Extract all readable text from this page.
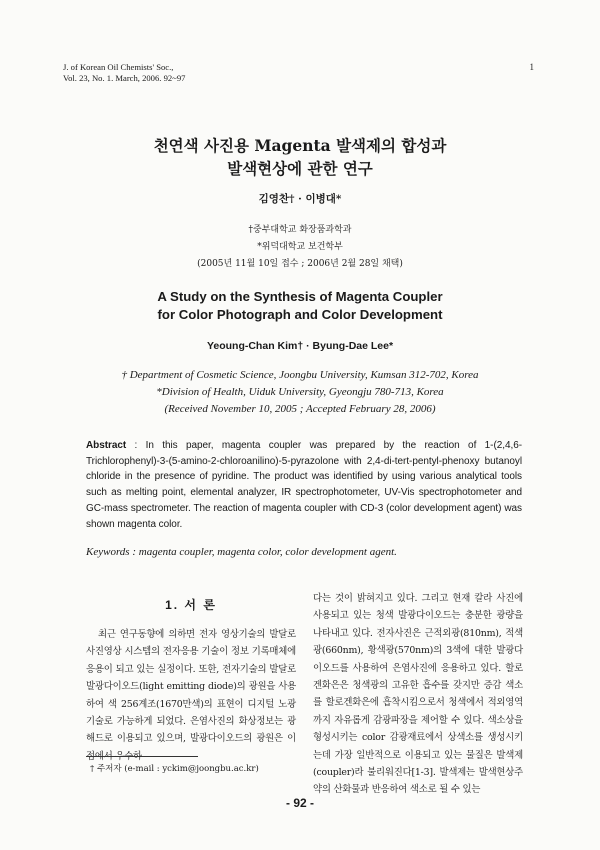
J. of Korean Oil Chemists' Soc.,
Vol. 23, No. 1. March, 2006. 92~97
1
천연색 사진용 Magenta 발색제의 합성과
발색현상에 관한 연구
김영찬† · 이병대*
†중부대학교 화장품과학과
*위덕대학교 보건학부
(2005년 11월 10일 접수 ; 2006년 2월 28일 채택)
A Study on the Synthesis of Magenta Coupler
for Color Photograph and Color Development
Yeoung-Chan Kim† · Byung-Dae Lee*
† Department of Cosmetic Science, Joongbu University, Kumsan 312-702, Korea
*Division of Health, Uiduk University, Gyeongju 780-713, Korea
(Received November 10, 2005 ; Accepted February 28, 2006)
Abstract : In this paper, magenta coupler was prepared by the reaction of 1-(2,4,6-Trichlorophenyl)-3-(5-amino-2-chloroanilino)-5-pyrazolone with 2,4-di-tert-pentyl-phenoxy butanoyl chloride in the presence of pyridine. The product was identified by using various analytical tools such as melting point, elemental analyzer, IR spectrophotometer, UV-Vis spectrophotometer and GC-mass spectrometer. The reaction of magenta coupler with CD-3 (color development agent) was shown magenta color.
Keywords : magenta coupler, magenta color, color development agent.
1. 서 론
최근 연구동향에 의하면 전자 영상기술의 발달로 사진영상 시스템의 전자응용 기술이 정보 기록매체에 응용이 되고 있는 실정이다. 또한, 전자기술의 발달로 발광다이오드(light emitting diode)의 광원을 사용하여 색 256계조(1670만색)의 표현이 디지털 노광기술로 가능하게 되었다. 은염사진의 화상정보는 광 해드로 이용되고 있으며, 발광다이오드의 광원은 이 점에서 우수하
다는 것이 밝혀지고 있다. 그리고 현재 칼라 사진에 사용되고 있는 청색 발광다이오드는 충분한 광량을 나타내고 있다. 전자사진은 근적외광(810nm), 적색광(660nm), 황색광(570nm)의 3색에 대한 발광다이오드를 사용하여 은염사진에 응용하고 있다. 할로겐화은은 청색광의 고유한 흡수를 갖지만 증감 색소를 할로겐화은에 흡착시킴으로서 청색에서 적외영역까지 자유롭게 감광파장을 제어할 수 있다. 색소상을 형성시키는 color 감광재료에서 상색소를 생성시키는데 가장 일반적으로 이용되고 있는 물질은 발색제(coupler)라 불리워진다[1-3]. 발색제는 발색현상주약의 산화물과 반응하여 색소로 될 수 있는
† 주저자 (e-mail : yckim@joongbu.ac.kr)
- 92 -
